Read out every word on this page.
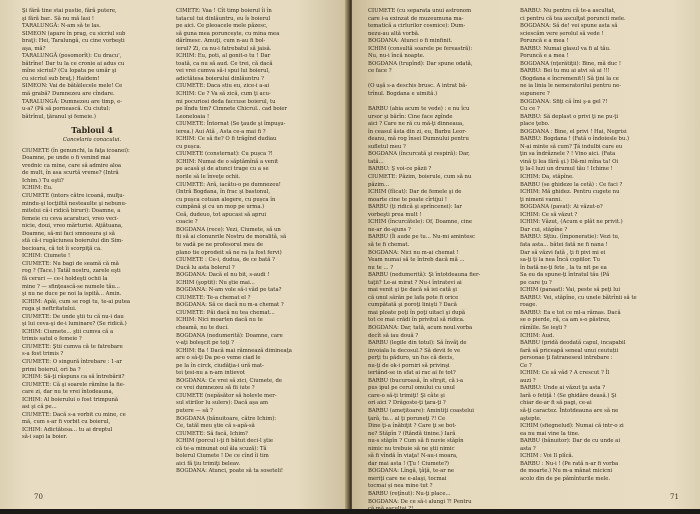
Şi fără tine stai pustie, fără putere,
şi fără bar.. Să nu mă lasi !
TARALUNGĂ: N-am să te las.
SIMEON (apare în prag, cu sicriul sub
braţ): Hei, Taralungă, cu cine vorbeşti
aşa, mă?
TARALUNGĂ (posomorît): Cu dracu',
bătrîne! Dar tu la ce cronie ai adus cu
mîne sicriul? (Cu lopata pe umăr şi
cu sicriul sub braţ.) Haidem!
SIMEON: Vai de bătăilecele mele! Ce
mă grabă? Dumnezeu are cîndare.
TARALUNGĂ: Dumnezeu are timp, e-
u-a? (Pă să pornească. Cu ciutul:
bătrînul, ţăranul şi femeie.)
Tabloul 4
Cancelaria conacului.
CIUMETE (în genunchi, la faţa icoanei):
Doamne, pe unde o fi venind mai
vrednic ca mine, care să admire aloa
de mult, în asa scurtă vreme? (Intră
Ichim.) Tu eşti?
ICHIM: Eu.
CIUMETE (intors către icoană, mulţu-
mindu-şi locţiiltă nesteaulte şi nebunu-
mitelui că-i ridică biruri): Doamne, a
femeie cu ceva acaratuci, vreo veci-
nicie, doui, vreo mărturisi. Aţiâtuana,
Doamne, să-mi faci smnosura şi să
stă că-i rugăciunea boierului din Sim-
becioara, că tot îi scorpiţă ca.
ICHIM: Ciumete !
CIUMETE: Nu bagi de seamă că mă
rog ? (Tace.) Tatăl nostru, zarele eşti
fă ceruri — ce-i holdeşti ochii la
mine ? — sfinţească-se numele tău...
şi nu ne duce pe noi la ispită... Amin.
ICHIM: Apăi, cum se rogi tu, te-ai putea
ruga şi neftritatului.
CIUMETE: De unde ştii tu că nu-i dau
şi lui ceva-şi de-i luminare? (Se ridică.)
ICHIM: Ciumete... ştii cumva că a
trimis satul o femeie ?
CIUMETE: Ştii cumva că te fatrebare
s-a fost trimis ?
CIUMETE: O singură întrebare : 1-ar
primi boierul, ori ba ?
ICHIM: Să-ţi răspuns ca să întrebării?
CIUMETE: Că şi soarele rămîne la fie-
care zi, dar nu te vrei întodeauna,
ICHIM: Al boierului o fost trimpună
asi şi că pe...
CIUMETE: Dacă s-a vorbit cu mine, ce
mă, cum s-ar fi vorbit cu boierul,
ICHIM: Adictătesa... tu ai dreptul
să-i sapi la boier.
CIMETE: Vaa ! Cît timp boierul îi în
tatacul tui dinlăuntru, eu îs boierul
pe aici. Ce pleoacele mele păzesc,
să guna mea poruncește, cu mina mea
dărîmesc. Amuţi, cum n-au fi bol-
ierul? Zi, ca nu-i fatrebatul să jaisă.
ICHIM: Eu, poti, al gonit-o tu ! Dar
toată, ca nu să aud. Ce trei, că dacă
vei vrei cumva să-i spui lui boierul,
adictătesa boierului dinlăuntru ?
CIUMETE: Daca stiu eu, zice-i a-ai
ICHIM: Ce ? Va să zică, cum ţi acu-
mi pocuriosi deda faccuse boierul, tu
pe lîndu tim? Cimnete Chicrul.. cad boier
Leoneloaia !
CIUMETE: Întornat (Se ţaude şi împuşu-
ierea.) Aui Ată , Asta ce-a mai fi ?
ICHIM: Ce să fie? O fi trăgînd dudiau
cu pușca.
CIUMETE (consternat): Cu pușca ?!
ICHIM: Numai de o săptămînă a venit
pe acasă şi de atunci trage cu a se
norile să le înveţe ochii.
CIUMETE: Ară, iacătu-o pe dumnezeu!
(Intră Bogdana, în frac şi bastonul,
cu pușca cotuan alegere, cu pușca în
cumpănă şi cu un mop pe urma.)
Ceă, dudeuo, tot apucasi să aprui
coacie ?
BOGDANA (rece): Vezi, Ciumete, să un
fii să ai clonunrile Nostru de moralită, să
te vadă pe ne profesorul meu de
plano tie oprodeit să ne ra (a fost fervi)
CIUMETE : Ce-i, dudua, de ce bată ?
Ducă lu asta bolerul ?
BOGDANA: Dacă el nu bit, s-audi !
ICHIM (şoptit): Nu ştie mai...
BOGDANA: N-am vole să-i văd pe tata?
CIUMETE: Te-a chemat el ?
BOGDANA: Să ce dacă nu m-a chemat ?
CIUMETE: Păi dacă nu tea chemat...
ICHIM: Nici moarten dacă nu te
cheamă, nu te duci.
BOGDANA (nedumerită): Doamne, care
v-aţi boleşcit pe toţi ?
ICHIM: Ba ! Dacă mai rămnează dimineaţa
are o să-ţi Da pe-o veme ciad le
pe la în circk, ciudăţia-i ură mat-
tei ţesi-nu a n-am intievot
BOGDANA: Ce vrei să zici, Ciumete, de
ce vrei dumnezeu să fii iute ?
CIUMETE (nepăsător să holevle mer-
sul stirilor lu sulers): Dacă așa am
putere — să ?
BOGDANA (bănuitoare, către Ichim):
Ce, tatăl meu ştie că s-apă-să
CIUMETE: Să facă, Ichim?
ICHIM (porcul i-ţi fi bătut deci-l ştie
că te-a minunat oul ăla scuză): Tă
bolerul Ciumete ! De ce cînd îi tim
aici fă ţiu trimiţi beleav.
BOGDANA: Atunci, poate să ta soseteli!
70
CIUMETE (cu separata unui astronom
care i-a exinzat de muzeumuna ma-
tematică a cirlurilor cosmice): Dum-
nezu-au altă vorbă.
BOGDANA: Atunci o fi minfinit.
ICHIM (consultă soarele pe fereastră):
Nu, nu-i încă noapte.
BOGDANA (trupînd): Dar spune odată,
ce face ?

(O uşă s-a deschis brusc. A intrat bă-
trînul. Bogdana e uimită.)

BARBU (abia acum te vede) : e nu îcu
ursor şi bărîn: Cine face zgînde
aici ? Care ne ră cu mă-ţi dinneaua,
în ceasul ăsta din zi, eu, Barbu Leor-
deanu, mă rog însei Dumnului pentru
sufletul meu ?
BOGDANA (încurcată şi respiră): Dar,
tată...
BARBU: Ş voi-ce păzii ?
CIUMETE: Păzim, boierule, cum să nu
păzim...
ICHIM (fîicat): Dar de femele şi de
moarte cine te poate cîrtijui !
BARBU (ţi ridică şi sprîncenei): Iar
vorbeşti prea mult !
ICHIM (încurcătele): Of, Doamne, cine
ne-ar de-ajuns ?
BARBU (Îi aude pe tu... Nu-mi amintesc
să te fi chemat.
BOGDANA: Nici nu m-ai chemat !
Veam numai să te întreb dacă mă ...
nu te ... ?
BARBU (nedumerită): Şi întotdeauna fier-
taţii? Le-ai mirat ? Nu-i întratevi ai
mai venit şi ţie dacă să iei cată şi
că unul sărăn pe lafa pote fi orice
cumpătată şi poroţi linişti ? Dacă
mai ploate poţi în poţi uitacl şi după
tot ce mai crădi în privitul să ridica.
BOGDANA: Dar, tată, acum noul.vorba
decît să iau două ?
BARBU (legile din totul): Să învăţ de
invoiala lu decosul.? Să devii fe ve
perţi tu păduro, un fus că decis,
nu-ţi de ok-i porniri să privinşi
iertând-se in sfat ai rac ai fe tot?
BARBU (bucuroasă, în sfirşit, că i-a
pus ipul pe cerul omului cu unul
care-o să-ţi trimiţi! Şi câte şi
ori aici ? Drăgoste-ţi ţara-ţi ?
BARBU (ameţitoare): Amintiţi coastelui
ţară, tu... al ţi poruneţi ?! Ce
Dine ţi-a înăbiţit ? Care ţi se bot-
ne? Stăpîn ? (Răndă tinine.) Iară
nu-s stăpîn ? Cum să fi nuvie stăpîn
nimic nu trebuie să ne ştii nimic
să fi vîndă în viaţa! N-au-i moara,
dar mai asta ! (Ţu ! Ciumete?)
BOGDANA: Lîngă, ţâţă, te-ar ne
meriţi care ne e-alaşi, tocmai
tocmai și nea mine tut ?
BARBU (reţînut): Nu-ţi place...
BOGDANA: De ce să-i alungi ?! Pentru
că mă ascultai ?!
BARBU: Nu pentru că te-a ascultat,
ci pentru că tea asculţat poruncii mele.
BOGDANA: Să de! vei spune asta să
sciescăm vere șerolul să vede !
Poruncă e a mea !
BARBU: Numai glasul va fi al tău.
Poruncă e a mea !
BOGDANA (nţerătiţii): Bine, mă duc !
BARBU: Bei tu mu ai atvi să ai !!!
(Bogdana e încremenit!) Să ţini la ce
ne ia linia le nemeratorilui pentru ne-
supunere ?
BOGDANA: Sfiţi că îmi ş-a gel ?!
Cu ce ?
BARBU: Să deplast o privi ţi ne pu-ţi
place ţebo.
BOGDANA : Bine, el privi ! Hai, Negrisi
BARBU: Bogdana ! (Fată o îndoiesle bu.)
N-ai minte să cum? Ţă indulbi care eu
ţin sa îndrăznele ? ! Vino aici. (Fata
vină ţi lea fără şi.) Dă-mi mîna ta! Oi
ţi la-l luzi un drumul tău ! Ichime !
ICHIM: Da, stăpîne.
BARBU (se ghideze la cetă) : Ce faci ?
ICHIM: Mă ghidez. Pentru cugete nu
ţi nimeni vanni.
BOGDANA (pavat): Ai văzut-o?
ICHIM: Ce să văzut ?
ICHIM: Văzut, (Acum e plât ne privit.)
Dar cui, stăpîne ?
BARBU: Sţtiu. (împoneratie): Vezi tu,
fata asta... bătei fată ne fi nana !
Dar să văzvi fată , ţi fi pivi mi ei
sa-ţi ţi la nea Încă copiilor. Tu
în bată ne-ţi fete , la tu nit pe ea
Sa eu da spune-ţi întratul tău (Pă
pe care ţu ?
ICHIM (panaat): Vai, peste să peţi lui
BARBU: Vei, stăpîne, cu unele bătrînii să te
roage.
BARBU: Ea e tot ce ml-a rămas. Dacă
se o pierde, ră, ca am s-o păstrez,
rămîile. Se ieşti ?
ICHIM: Aud.
BARBU (pridă deodată capul, incapabil
fară să priceapă seneal unui ceutuții
personae ţi fatraneseul intrebare :
Ce ?
ICHIM: Ce să văd ? A crescut ? Îl
auzi ?
BARBU: Unde ai văzut ţu asta ?
Iară o fetiţă ! (Se ghidăre deasă.) Şi
chiar de-ar fi să pagi, ce-ai
să-ţi caractez. Întotdeauna are să ne
aştepte.
ICHIM (sfiegnelud): Numai că intr-o zi
ea nu mai vine la tine.
BARBU (bănuitor): Dar de cu unde ai
asta ?
ICHIM : Voi Il plîcă.
BARBU : Nu-i ! (Pe rată n-ar fi vorba
de moarte.) Nu m-a mănat micicni
acolo din de pe pămînturile mele.
71
